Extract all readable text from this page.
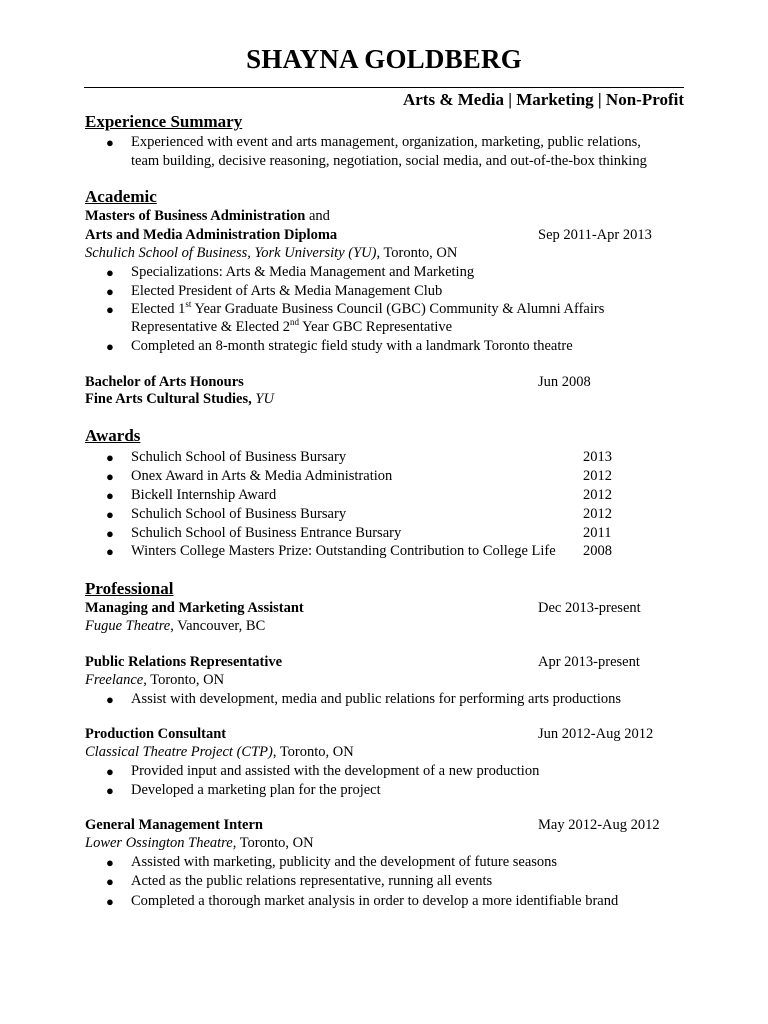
SHAYNA GOLDBERG
Arts & Media | Marketing | Non-Profit
Experience Summary
● Experienced with event and arts management, organization, marketing, public relations,
team building, decisive reasoning, negotiation, social media, and out-of-the-box thinking
Academic
Masters of Business Administration and
Arts and Media Administration Diploma	Sep 2011-Apr 2013
Schulich School of Business, York University (YU), Toronto, ON
● Specializations: Arts & Media Management and Marketing
● Elected President of Arts & Media Management Club
● Elected 1st Year Graduate Business Council (GBC) Community & Alumni Affairs
Representative & Elected 2nd Year GBC Representative
● Completed an 8-month strategic field study with a landmark Toronto theatre
Bachelor of Arts Honours	Jun 2008
Fine Arts Cultural Studies, YU
Awards
● Schulich School of Business Bursary	2013
● Onex Award in Arts & Media Administration	2012
● Bickell Internship Award	2012
● Schulich School of Business Bursary	2012
● Schulich School of Business Entrance Bursary	2011
● Winters College Masters Prize: Outstanding Contribution to College Life 2008
Professional
Managing and Marketing Assistant	Dec 2013-present
Fugue Theatre, Vancouver, BC
Public Relations Representative	Apr 2013-present
Freelance, Toronto, ON
● Assist with development, media and public relations for performing arts productions
Production Consultant	Jun 2012-Aug 2012
Classical Theatre Project (CTP), Toronto, ON
● Provided input and assisted with the development of a new production
● Developed a marketing plan for the project
General Management Intern	May 2012-Aug 2012
Lower Ossington Theatre, Toronto, ON
● Assisted with marketing, publicity and the development of future seasons
● Acted as the public relations representative, running all events
● Completed a thorough market analysis in order to develop a more identifiable brand
